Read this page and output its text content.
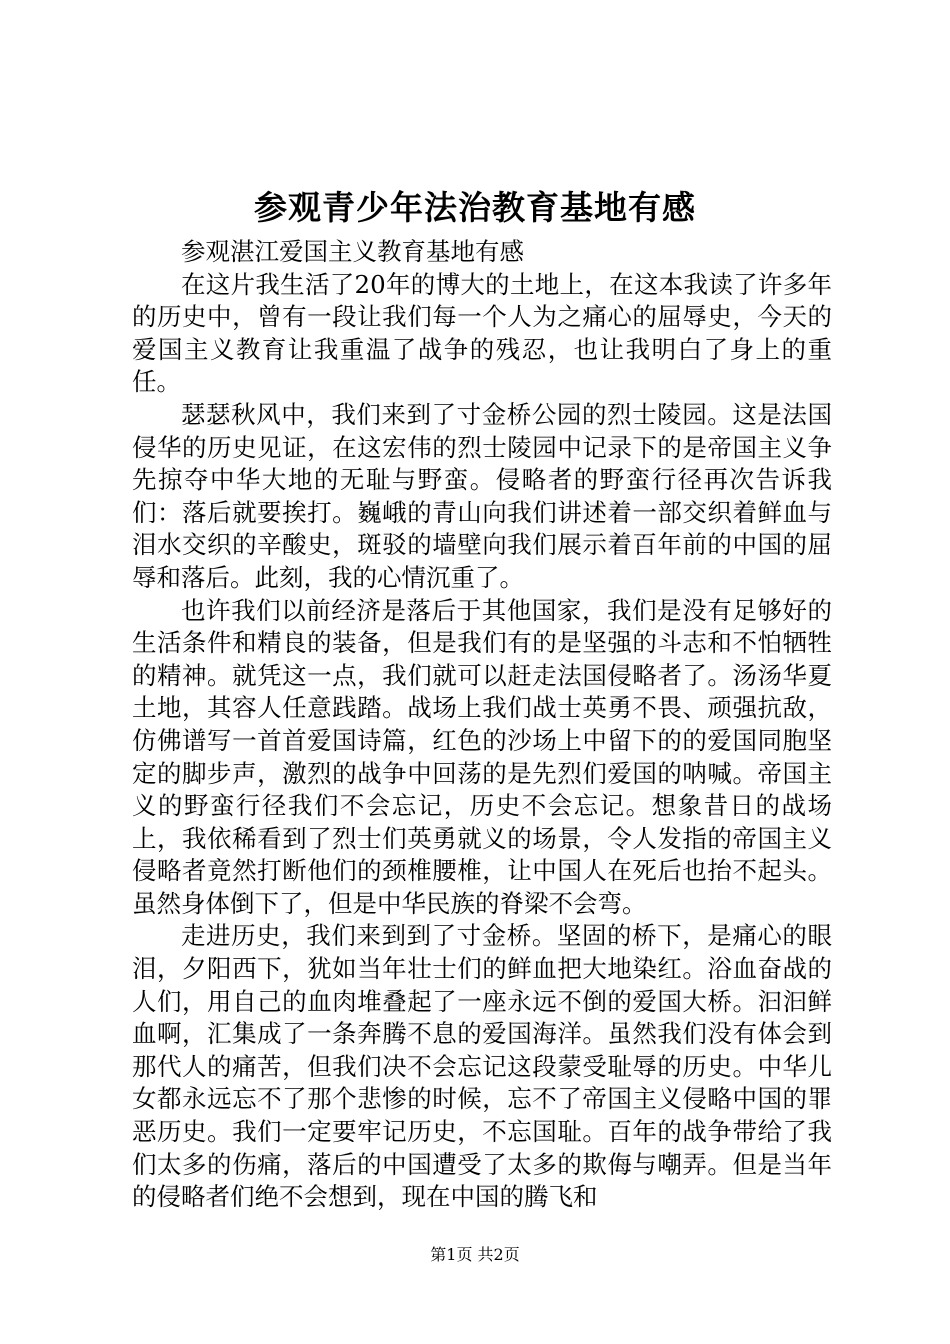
参观青少年法治教育基地有感

参观湛江爱国主义教育基地有感

在这片我生活了20年的博大的土地上，在这本我读了许多年的历史中，曾有一段让我们每一个人为之痛心的屈辱史，今天的爱国主义教育让我重温了战争的残忍，也让我明白了身上的重任。

瑟瑟秋风中，我们来到了寸金桥公园的烈士陵园。这是法国侵华的历史见证，在这宏伟的烈士陵园中记录下的是帝国主义争先掠夺中华大地的无耻与野蛮。侵略者的野蛮行径再次告诉我们：落后就要挨打。巍峨的青山向我们讲述着一部交织着鲜血与泪水交织的辛酸史，斑驳的墙壁向我们展示着百年前的中国的屈辱和落后。此刻，我的心情沉重了。

也许我们以前经济是落后于其他国家，我们是没有足够好的生活条件和精良的装备，但是我们有的是坚强的斗志和不怕牺牲的精神。就凭这一点，我们就可以赶走法国侵略者了。汤汤华夏土地，其容人任意践踏。战场上我们战士英勇不畏、顽强抗敌，仿佛谱写一首首爱国诗篇，红色的沙场上中留下的的爱国同胞坚定的脚步声，激烈的战争中回荡的是先烈们爱国的呐喊。帝国主义的野蛮行径我们不会忘记，历史不会忘记。想象昔日的战场上，我依稀看到了烈士们英勇就义的场景，令人发指的帝国主义侵略者竟然打断他们的颈椎腰椎，让中国人在死后也抬不起头。虽然身体倒下了，但是中华民族的脊梁不会弯。

走进历史，我们来到到了寸金桥。坚固的桥下，是痛心的眼泪，夕阳西下，犹如当年壮士们的鲜血把大地染红。浴血奋战的人们，用自己的血肉堆叠起了一座永远不倒的爱国大桥。汩汩鲜血啊，汇集成了一条奔腾不息的爱国海洋。虽然我们没有体会到那代人的痛苦，但我们决不会忘记这段蒙受耻辱的历史。中华儿女都永远忘不了那个悲惨的时候，忘不了帝国主义侵略中国的罪恶历史。我们一定要牢记历史，不忘国耻。百年的战争带给了我们太多的伤痛，落后的中国遭受了太多的欺侮与嘲弄。但是当年的侵略者们绝不会想到，现在中国的腾飞和

第1页 共2页
